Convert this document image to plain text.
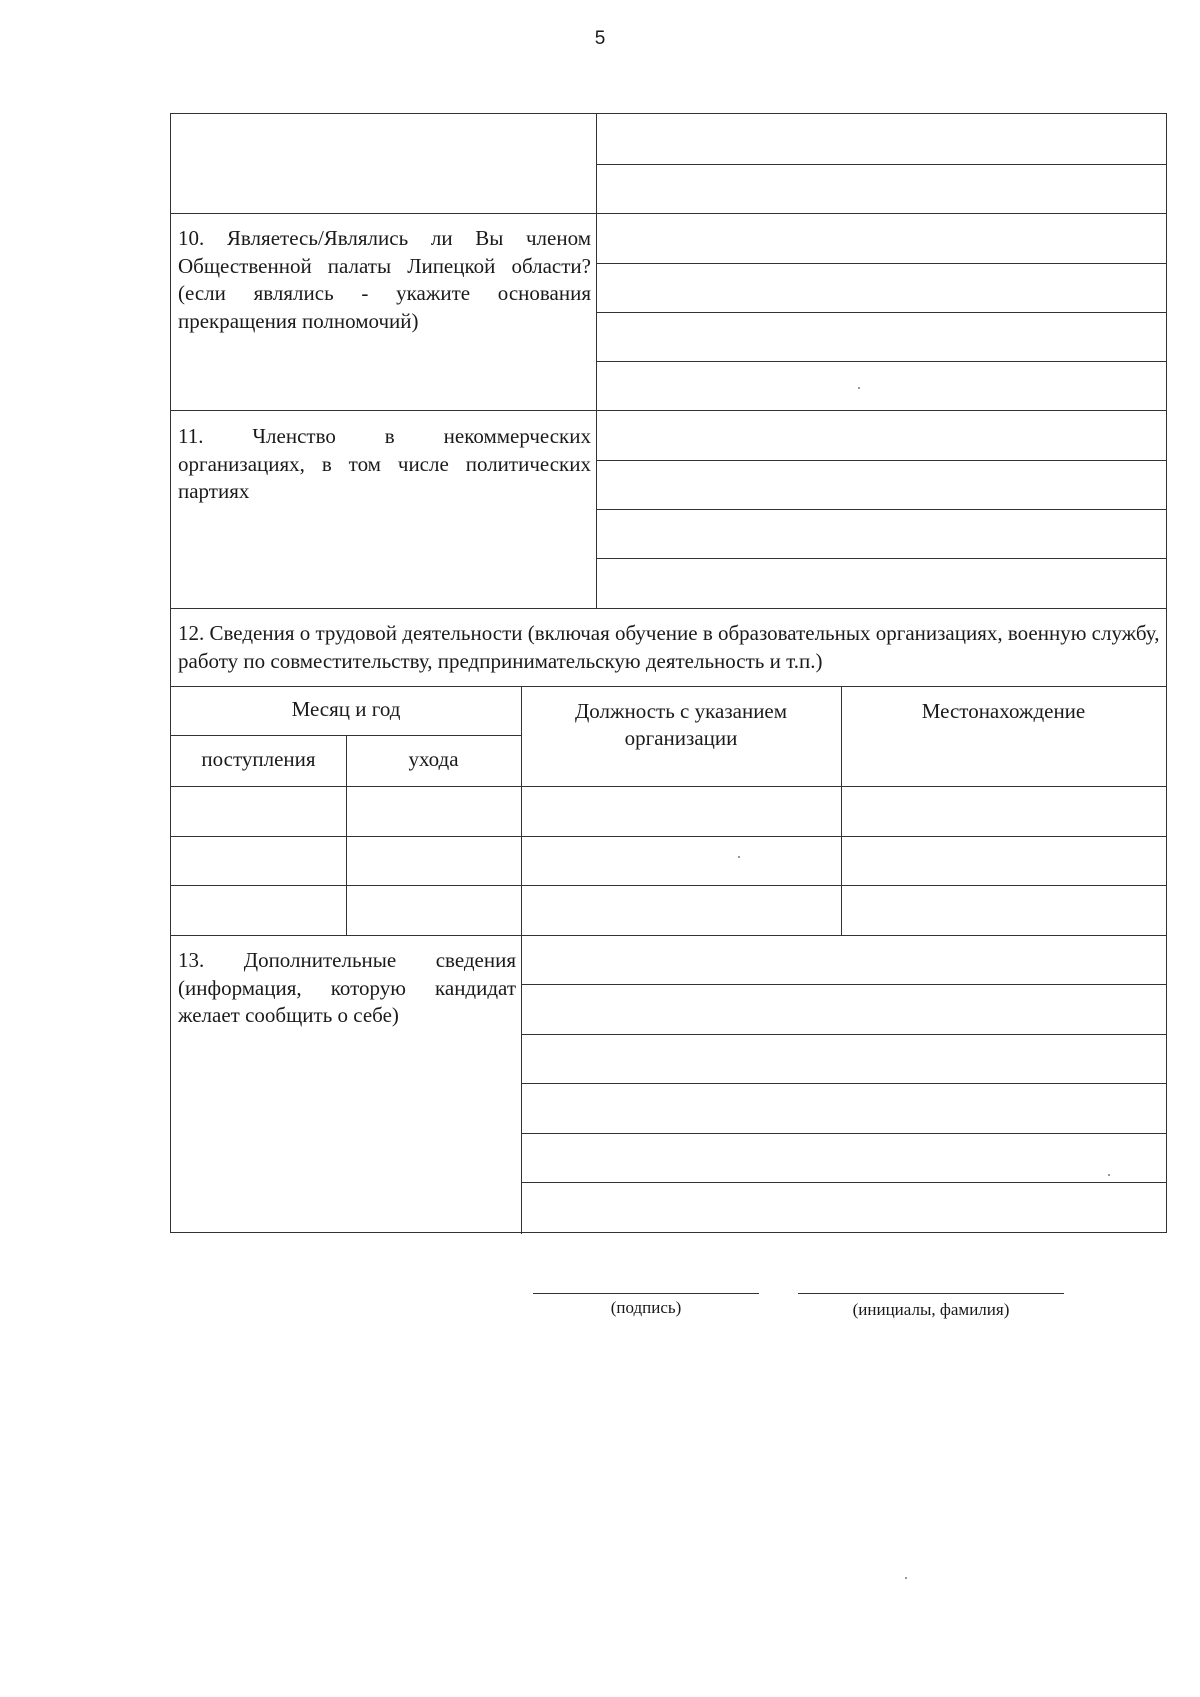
5
10. Являетесь/Являлись ли Вы членом Общественной палаты Липецкой области? (если являлись - укажите основания прекращения полномочий)
11. Членство в некоммерческих организациях, в том числе политических партиях
12. Сведения о трудовой деятельности (включая обучение в образовательных организациях, военную службу, работу по совместительству, предпринимательскую деятельность и т.п.)
Месяц и год
поступления	ухода
Должность с указанием организации
Местонахождение
13. Дополнительные сведения (информация, которую кандидат желает сообщить о себе)
(подпись)	(инициалы, фамилия)
